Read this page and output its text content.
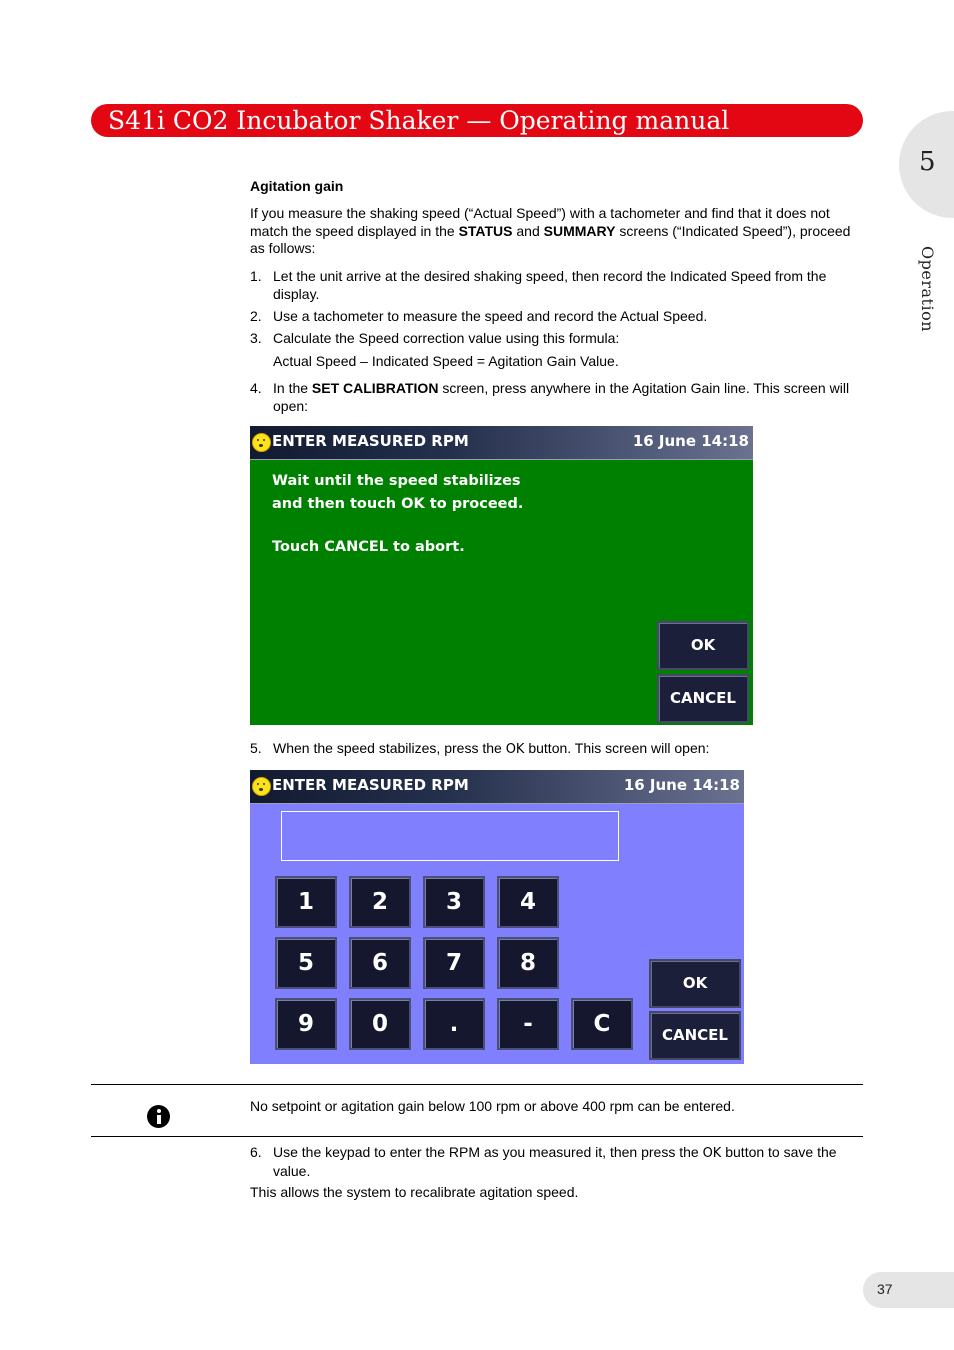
S41i CO2 Incubator Shaker — Operating manual
5
Operation
Agitation gain
If you measure the shaking speed (“Actual Speed”) with a tachometer and find that it does not match the speed displayed in the STATUS and SUMMARY screens (“Indicated Speed”), proceed as follows:
1. Let the unit arrive at the desired shaking speed, then record the Indicated Speed from the display.
2. Use a tachometer to measure the speed and record the Actual Speed.
3. Calculate the Speed correction value using this formula:
Actual Speed – Indicated Speed = Agitation Gain Value.
4. In the SET CALIBRATION screen, press anywhere in the Agitation Gain line. This screen will open:
ENTER MEASURED RPM	16 June 14:18
Wait until the speed stabilizes
and then touch OK to proceed.
Touch CANCEL to abort.
OK
CANCEL
5. When the speed stabilizes, press the OK button. This screen will open:
ENTER MEASURED RPM	16 June 14:18
1	2	3	4
5	6	7	8
9	0	.	-	C
OK
CANCEL
No setpoint or agitation gain below 100 rpm or above 400 rpm can be entered.
6. Use the keypad to enter the RPM as you measured it, then press the OK button to save the value.
This allows the system to recalibrate agitation speed.
37
